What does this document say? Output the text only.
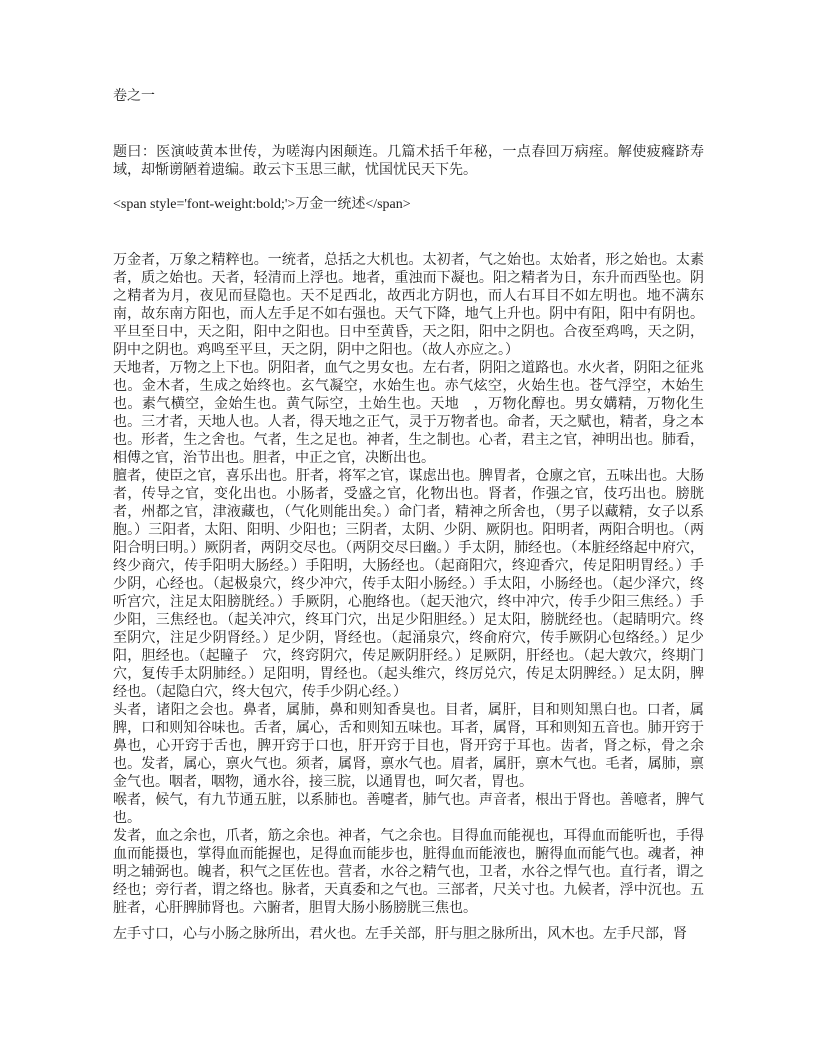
卷之一

题曰：医演岐黄本世传，为嗟海内困颠连。几篇术括千年秘，一点春回万病痓。解使疲癃跻寿域，却惭谫陋着遗编。敢云卞玉思三献，忧国忧民天下先。

<span style='font-weight:bold;'>万金一统述</span>

万金者，万象之精粹也。一统者，总括之大机也。太初者，气之始也。太始者，形之始也。太素者，质之始也。天者，轻清而上浮也。地者，重浊而下凝也。阳之精者为日，东升而西坠也。阴之精者为月，夜见而昼隐也。天不足西北，故西北方阴也，而人右耳目不如左明也。地不满东南，故东南方阳也，而人左手足不如右强也。天气下降，地气上升也。阴中有阳，阳中有阴也。平旦至日中，天之阳，阳中之阳也。日中至黄昏，天之阳，阳中之阴也。合夜至鸡鸣，天之阴，阴中之阴也。鸡鸣至平旦，天之阴，阴中之阳也。（故人亦应之。）

天地者，万物之上下也。阴阳者，血气之男女也。左右者，阴阳之道路也。水火者，阴阳之征兆也。金木者，生成之始终也。玄气凝空，水始生也。赤气炫空，火始生也。苍气浮空，木始生也。素气横空，金始生也。黄气际空，土始生也。天地　，万物化醇也。男女媾精，万物化生也。三才者，天地人也。人者，得天地之正气，灵于万物者也。命者，天之赋也，精者，身之本也。形者，生之舍也。气者，生之足也。神者，生之制也。心者，君主之官，神明出也。肺看，相傅之官，治节出也。胆者，中正之官，决断出也。

膻者，使臣之官，喜乐出也。肝者，将军之官，谋虑出也。脾胃者，仓廪之官，五味出也。大肠者，传导之官，变化出也。小肠者，受盛之官，化物出也。肾者，作强之官，伎巧出也。膀胱者，州都之官，津液藏也，（气化则能出矣。）命门者，精神之所舍也，（男子以藏精，女子以系胞。）三阳者，太阳、阳明、少阳也；三阴者，太阴、少阴、厥阴也。阳明者，两阳合明也。（两阳合明曰明。）厥阴者，两阴交尽也。（两阴交尽曰幽。）手太阴，肺经也。（本脏经络起中府穴，终少商穴，传手阳明大肠经。）手阳明，大肠经也。（起商阳穴，终迎香穴，传足阳明胃经。）手少阴，心经也。（起极泉穴，终少冲穴，传手太阳小肠经。）手太阳，小肠经也。（起少泽穴，终听宫穴，注足太阳膀胱经。）手厥阴，心胞络也。（起天池穴，终中冲穴，传手少阳三焦经。）手少阳，三焦经也。（起关冲穴，终耳门穴，出足少阳胆经。）足太阳，膀胱经也。（起睛明穴。终至阴穴，注足少阴肾经。）足少阴，肾经也。（起涌泉穴，终俞府穴，传手厥阴心包络经。）足少阳，胆经也。（起瞳子　穴，终窍阴穴，传足厥阴肝经。）足厥阴，肝经也。（起大敦穴，终期门穴，复传手太阴肺经。）足阳明，胃经也。（起头维穴，终厉兑穴，传足太阴脾经。）足太阴，脾经也。（起隐白穴，终大包穴，传手少阴心经。）

头者，诸阳之会也。鼻者，属肺，鼻和则知香臭也。目者，属肝，目和则知黑白也。口者，属脾，口和则知谷味也。舌者，属心，舌和则知五味也。耳者，属肾，耳和则知五音也。肺开窍于鼻也，心开窍于舌也，脾开窍于口也，肝开窍于目也，肾开窍于耳也。齿者，肾之标，骨之余也。发者，属心，禀火气也。须者，属肾，禀水气也。眉者，属肝，禀木气也。毛者，属肺，禀金气也。咽者，咽物，通水谷，接三脘，以通胃也，呵欠者，胃也。

喉者，候气，有九节通五脏，以系肺也。善嚏者，肺气也。声音者，根出于肾也。善噫者，脾气也。

发者，血之余也，爪者，筋之余也。神者，气之余也。目得血而能视也，耳得血而能听也，手得血而能摄也，掌得血而能握也，足得血而能步也，脏得血而能液也，腑得血而能气也。魂者，神明之辅弼也。魄者，积气之匡佐也。营者，水谷之精气也，卫者，水谷之悍气也。直行者，谓之经也；旁行者，谓之络也。脉者，天真委和之气也。三部者，尺关寸也。九候者，浮中沉也。五脏者，心肝脾肺肾也。六腑者，胆胃大肠小肠膀胱三焦也。

左手寸口，心与小肠之脉所出，君火也。左手关部，肝与胆之脉所出，风木也。左手尺部，肾
